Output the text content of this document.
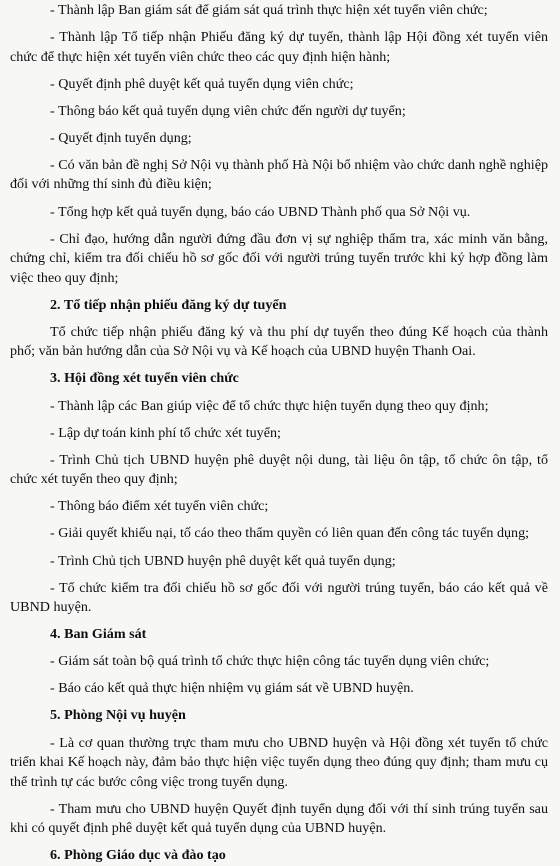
- Thành lập Ban giám sát để giám sát quá trình thực hiện xét tuyển viên chức;

- Thành lập Tổ tiếp nhận Phiếu đăng ký dự tuyển, thành lập Hội đồng xét tuyển viên chức để thực hiện xét tuyển viên chức theo các quy định hiện hành;

- Quyết định phê duyệt kết quả tuyển dụng viên chức;

- Thông báo kết quả tuyển dụng viên chức đến người dự tuyển;

- Quyết định tuyển dụng;

- Có văn bản đề nghị Sở Nội vụ thành phố Hà Nội bổ nhiệm vào chức danh nghề nghiệp đối với những thí sinh đủ điều kiện;

- Tổng hợp kết quả tuyển dụng, báo cáo UBND Thành phố qua Sở Nội vụ.

- Chỉ đạo, hướng dẫn người đứng đầu đơn vị sự nghiệp thẩm tra, xác minh văn bằng, chứng chỉ, kiểm tra đối chiếu hồ sơ gốc đối với người trúng tuyển trước khi ký hợp đồng làm việc theo quy định;

2. Tổ tiếp nhận phiếu đăng ký dự tuyển

Tổ chức tiếp nhận phiếu đăng ký và thu phí dự tuyển theo đúng Kế hoạch của thành phố; văn bản hướng dẫn của Sở Nội vụ và Kế hoạch của UBND huyện Thanh Oai.

3. Hội đồng xét tuyển viên chức

- Thành lập các Ban giúp việc để tổ chức thực hiện tuyển dụng theo quy định;

- Lập dự toán kinh phí tổ chức xét tuyển;

- Trình Chủ tịch UBND huyện phê duyệt nội dung, tài liệu ôn tập, tổ chức ôn tập, tổ chức xét tuyển theo quy định;

- Thông báo điểm xét tuyển viên chức;

- Giải quyết khiếu nại, tố cáo theo thẩm quyền có liên quan đến công tác tuyển dụng;

- Trình Chủ tịch UBND huyện phê duyệt kết quả tuyển dụng;

- Tổ chức kiểm tra đối chiếu hồ sơ gốc đối với người trúng tuyển, báo cáo kết quả về UBND huyện.

4. Ban Giám sát

- Giám sát toàn bộ quá trình tổ chức thực hiện công tác tuyển dụng viên chức;

- Báo cáo kết quả thực hiện nhiệm vụ giám sát về UBND huyện.

5. Phòng Nội vụ huyện

- Là cơ quan thường trực tham mưu cho UBND huyện và Hội đồng xét tuyển tổ chức triển khai Kế hoạch này, đảm bảo thực hiện việc tuyển dụng theo đúng quy định; tham mưu cụ thể trình tự các bước công việc trong tuyển dụng.

- Tham mưu cho UBND huyện Quyết định tuyển dụng đối với thí sinh trúng tuyển sau khi có quyết định phê duyệt kết quả tuyển dụng của UBND huyện.

6. Phòng Giáo dục và đào tạo
